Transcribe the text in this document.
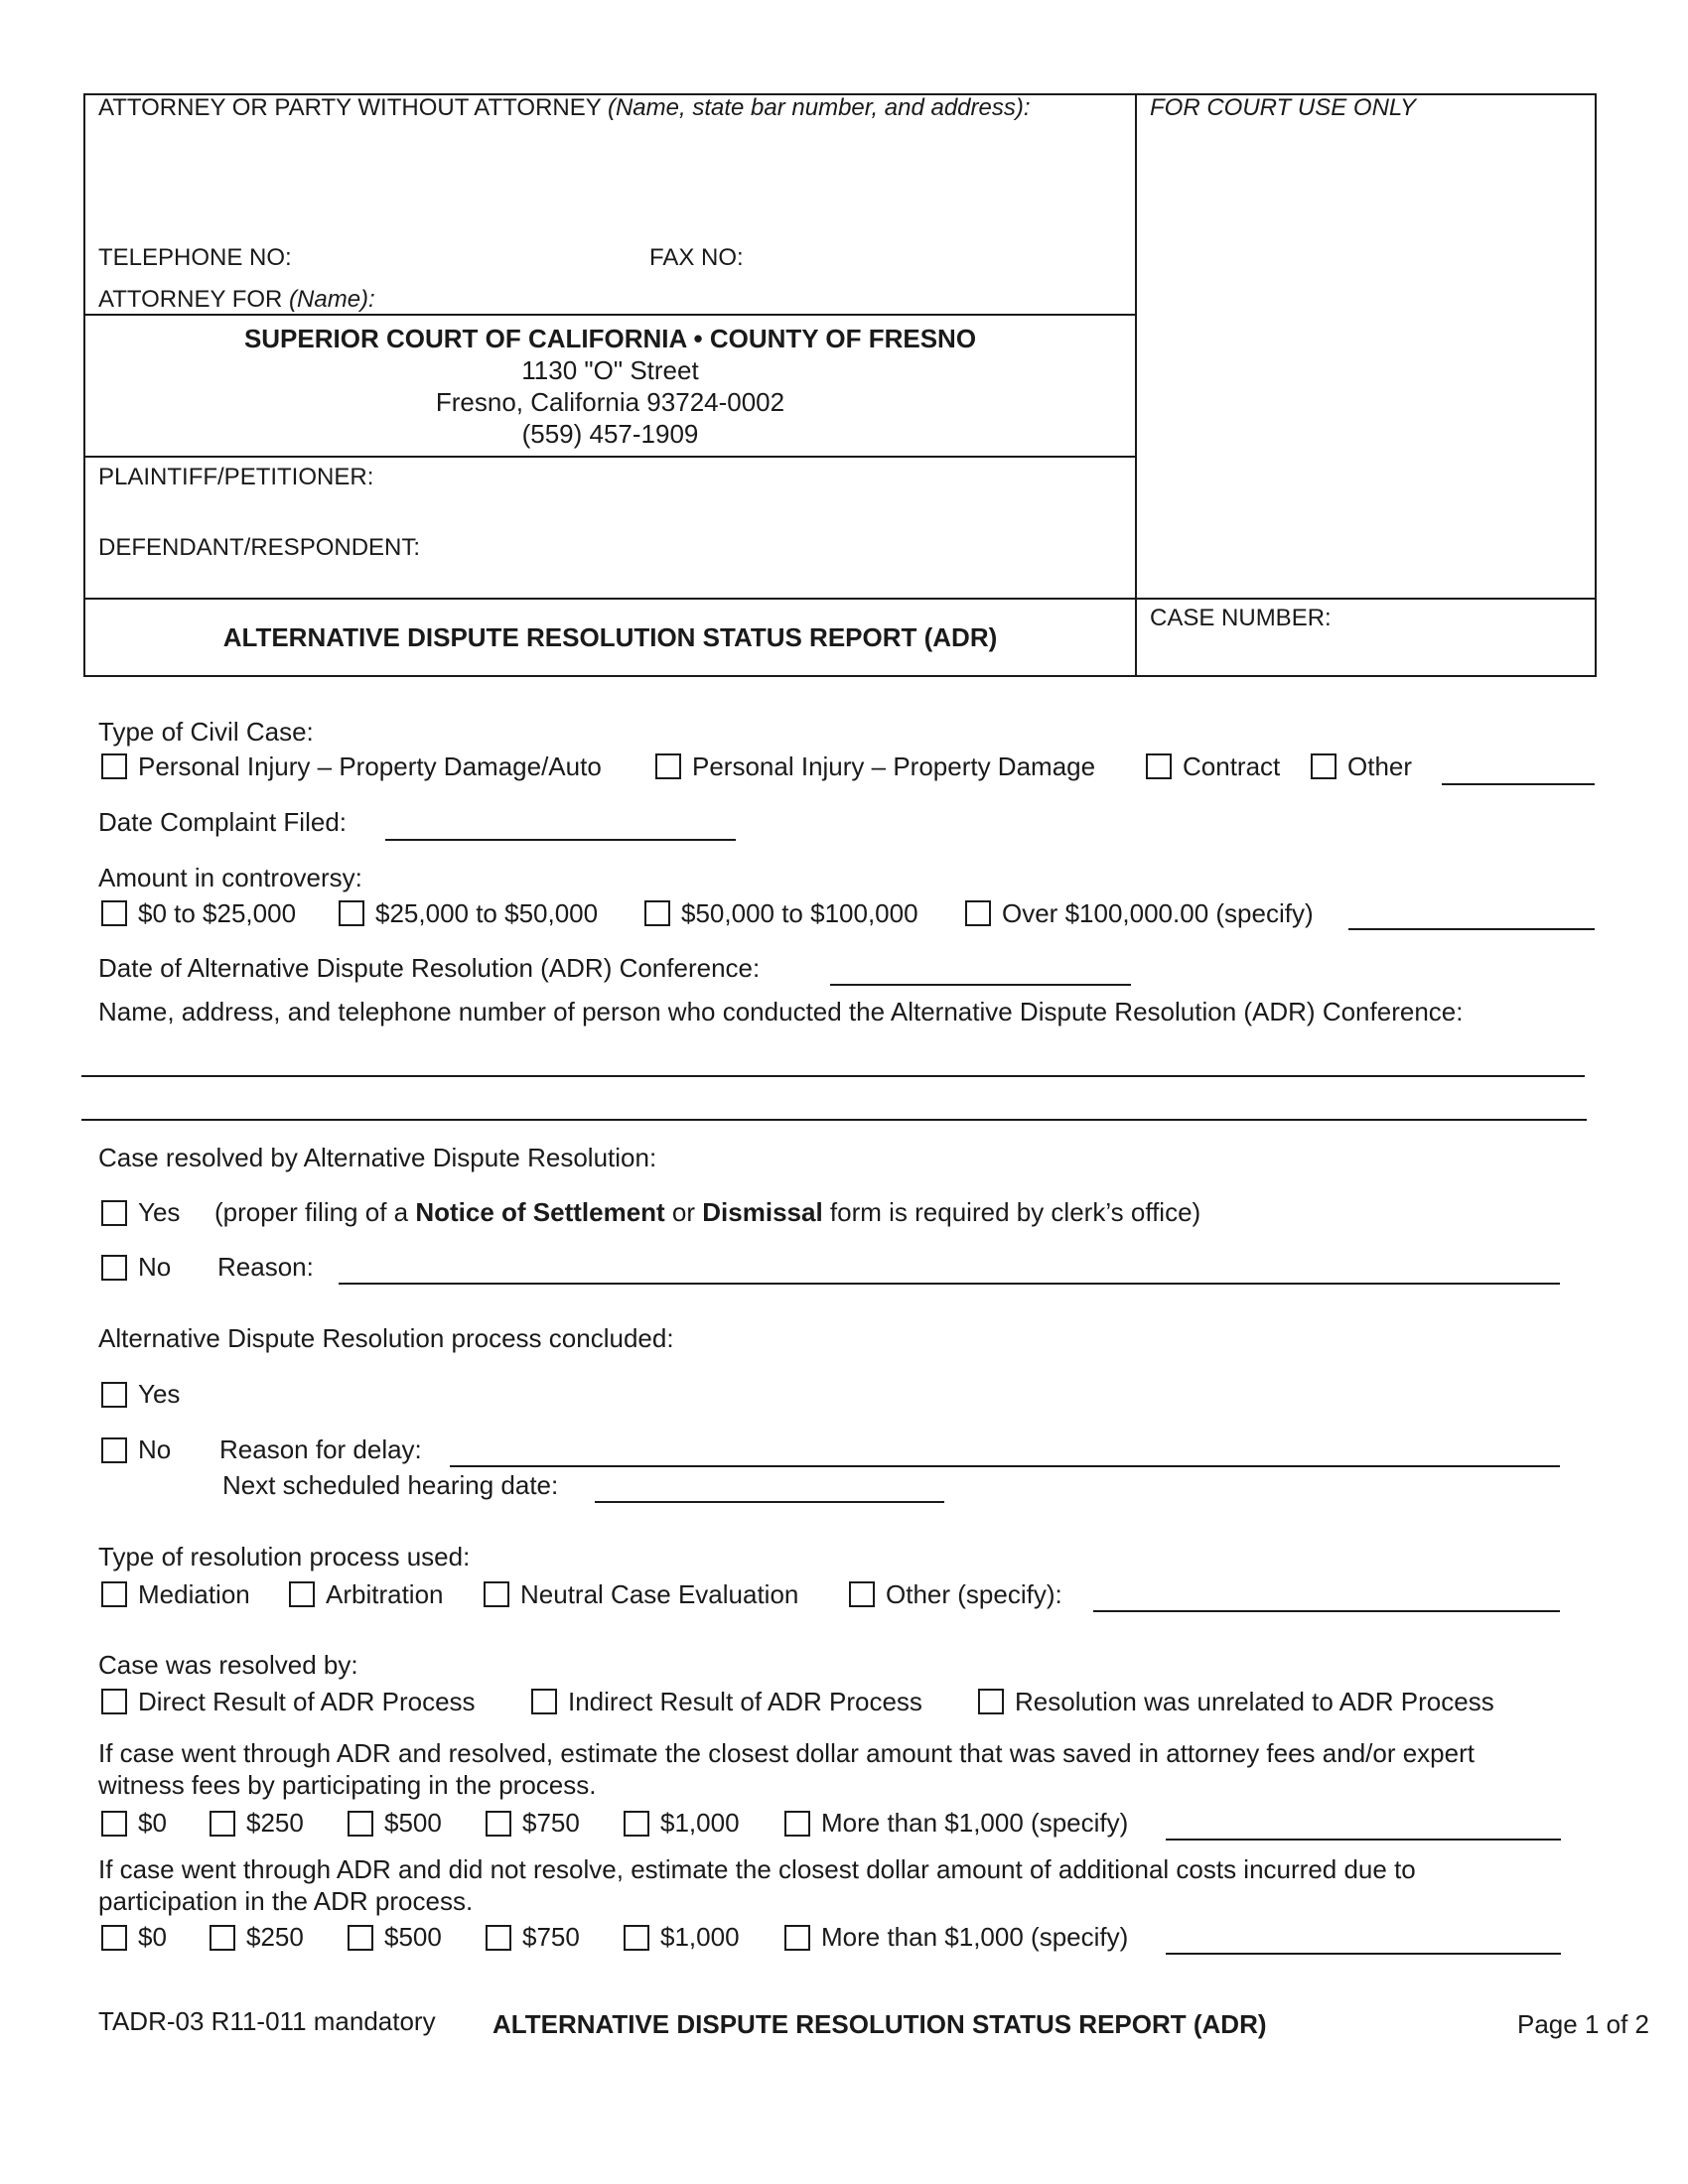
ATTORNEY OR PARTY WITHOUT ATTORNEY (Name, state bar number, and address):	FOR COURT USE ONLY
TELEPHONE NO:	FAX NO:
ATTORNEY FOR (Name):
SUPERIOR COURT OF CALIFORNIA • COUNTY OF FRESNO
1130 "O" Street
Fresno, California 93724-0002
(559) 457-1909
PLAINTIFF/PETITIONER:
DEFENDANT/RESPONDENT:
ALTERNATIVE DISPUTE RESOLUTION STATUS REPORT (ADR)
CASE NUMBER:
Type of Civil Case:
Personal Injury – Property Damage/Auto	Personal Injury – Property Damage	Contract	Other
Date Complaint Filed:
Amount in controversy:
$0 to $25,000	$25,000 to $50,000	$50,000 to $100,000	Over $100,000.00 (specify)
Date of Alternative Dispute Resolution (ADR) Conference:
Name, address, and telephone number of person who conducted the Alternative Dispute Resolution (ADR) Conference:
Case resolved by Alternative Dispute Resolution:
Yes (proper filing of a Notice of Settlement or Dismissal form is required by clerk’s office)
No Reason:
Alternative Dispute Resolution process concluded:
Yes
No Reason for delay:
Next scheduled hearing date:
Type of resolution process used:
Mediation	Arbitration	Neutral Case Evaluation	Other (specify):
Case was resolved by:
Direct Result of ADR Process	Indirect Result of ADR Process	Resolution was unrelated to ADR Process
If case went through ADR and resolved, estimate the closest dollar amount that was saved in attorney fees and/or expert
witness fees by participating in the process.
$0	$250	$500	$750	$1,000	More than $1,000 (specify)
If case went through ADR and did not resolve, estimate the closest dollar amount of additional costs incurred due to
participation in the ADR process.
$0	$250	$500	$750	$1,000	More than $1,000 (specify)
TADR-03 R11-011 mandatory ALTERNATIVE DISPUTE RESOLUTION STATUS REPORT (ADR)	Page 1 of 2
